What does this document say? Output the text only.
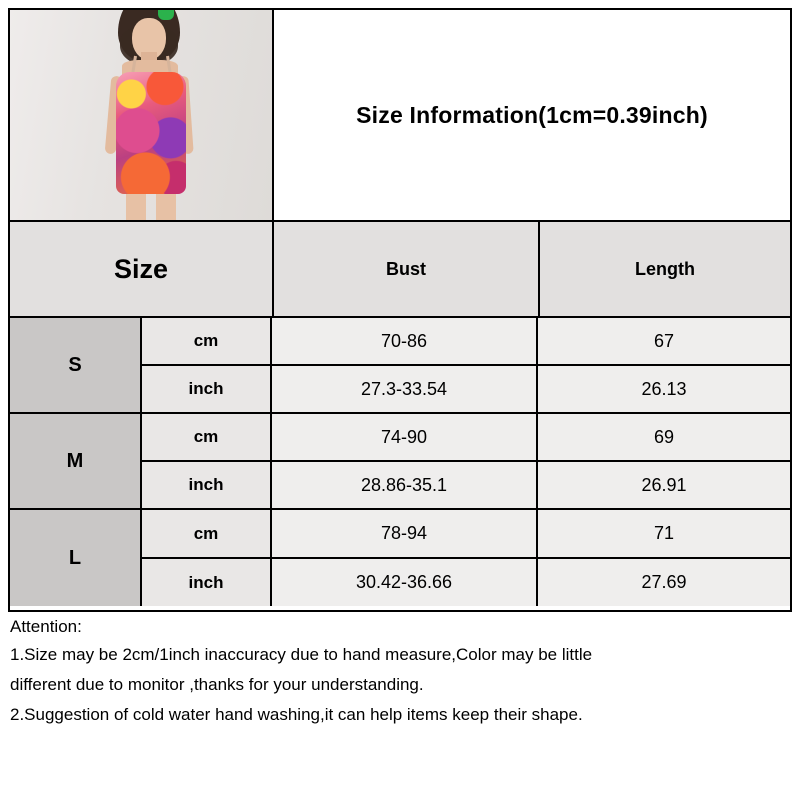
Size Information(1cm=0.39inch)
Size	Bust	Length
S
cm	70-86	67
inch	27.3-33.54	26.13
M
cm	74-90	69
inch	28.86-35.1	26.91
L
cm	78-94	71
inch	30.42-36.66	27.69
Attention:
1.Size may be 2cm/1inch inaccuracy due to hand measure,Color may be little
different due to monitor ,thanks for your understanding.
2.Suggestion of cold water hand washing,it can help items keep their shape.
